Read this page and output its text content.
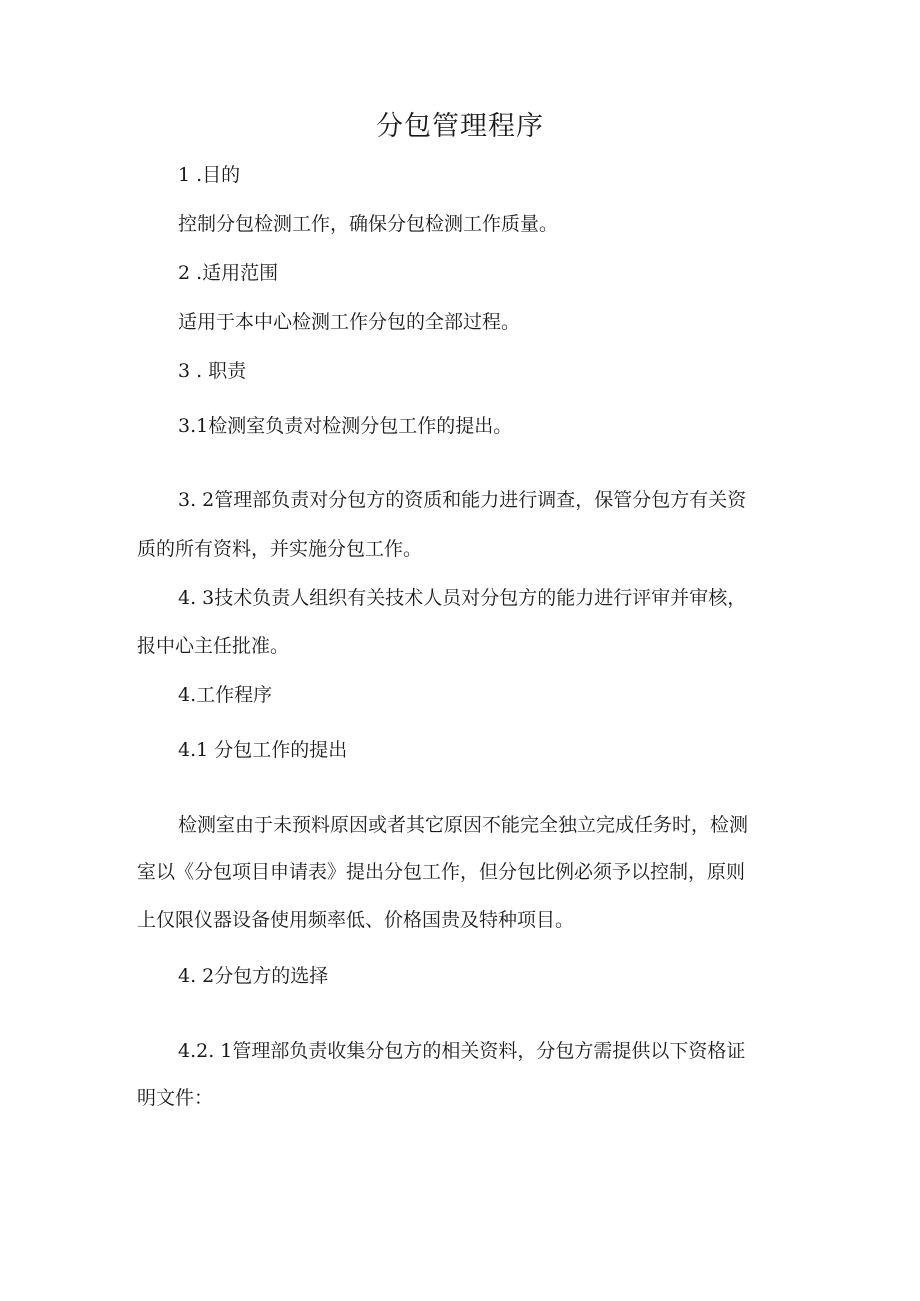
分包管理程序
1 .目的
控制分包检测工作，确保分包检测工作质量。
2 .适用范围
适用于本中心检测工作分包的全部过程。
3 . 职责
3.1检测室负责对检测分包工作的提出。
3. 2管理部负责对分包方的资质和能力进行调查，保管分包方有关资
质的所有资料，并实施分包工作。
4. 3技术负责人组织有关技术人员对分包方的能力进行评审并审核，
报中心主任批准。
4.工作程序
4.1 分包工作的提出
检测室由于未预料原因或者其它原因不能完全独立完成任务时，检测
室以《分包项目申请表》提出分包工作，但分包比例必须予以控制，原则
上仅限仪器设备使用频率低、价格国贵及特种项目。
4. 2分包方的选择
4.2. 1管理部负责收集分包方的相关资料，分包方需提供以下资格证
明文件：
